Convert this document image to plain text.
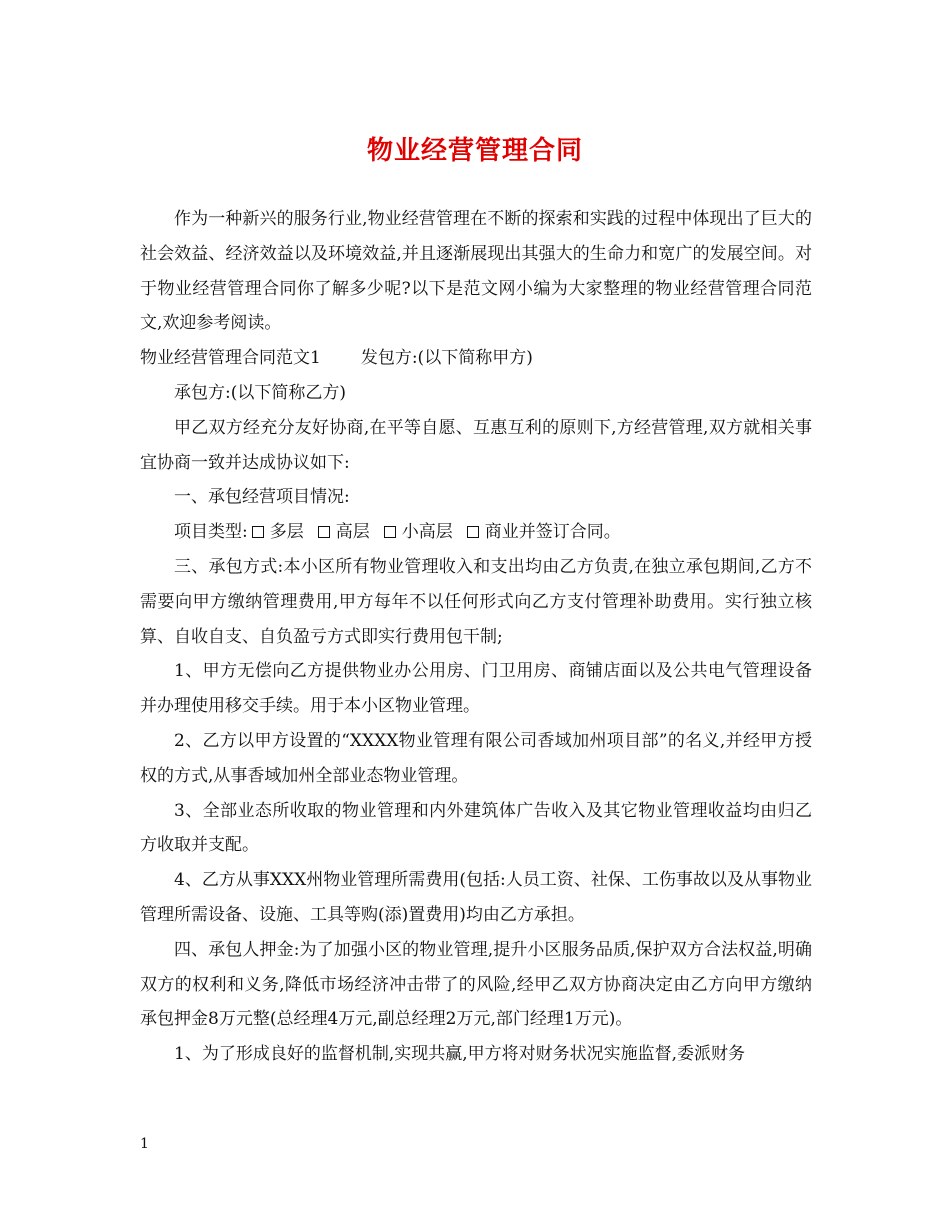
物业经营管理合同

作为一种新兴的服务行业,物业经营管理在不断的探索和实践的过程中体现出了巨大的社会效益、经济效益以及环境效益,并且逐渐展现出其强大的生命力和宽广的发展空间。对于物业经营管理合同你了解多少呢?以下是范文网小编为大家整理的物业经营管理合同范文,欢迎参考阅读。

物业经营管理合同范文1 发包方:(以下简称甲方)

承包方:(以下简称乙方)

甲乙双方经充分友好协商,在平等自愿、互惠互利的原则下,方经营管理,双方就相关事宜协商一致并达成协议如下:

一、承包经营项目情况:

项目类型: 多层 高层 小高层 商业并签订合同。

三、承包方式:本小区所有物业管理收入和支出均由乙方负责,在独立承包期间,乙方不需要向甲方缴纳管理费用,甲方每年不以任何形式向乙方支付管理补助费用。实行独立核算、自收自支、自负盈亏方式即实行费用包干制;

1、甲方无偿向乙方提供物业办公用房、门卫用房、商铺店面以及公共电气管理设备并办理使用移交手续。用于本小区物业管理。

2、乙方以甲方设置的“XXXX物业管理有限公司香域加州项目部”的名义,并经甲方授权的方式,从事香域加州全部业态物业管理。

3、全部业态所收取的物业管理和内外建筑体广告收入及其它物业管理收益均由归乙方收取并支配。

4、乙方从事XXX州物业管理所需费用(包括:人员工资、社保、工伤事故以及从事物业管理所需设备、设施、工具等购(添)置费用)均由乙方承担。

四、承包人押金:为了加强小区的物业管理,提升小区服务品质,保护双方合法权益,明确双方的权利和义务,降低市场经济冲击带了的风险,经甲乙双方协商决定由乙方向甲方缴纳承包押金8万元整(总经理4万元,副总经理2万元,部门经理1万元)。

1、为了形成良好的监督机制,实现共赢,甲方将对财务状况实施监督,委派财务

1
